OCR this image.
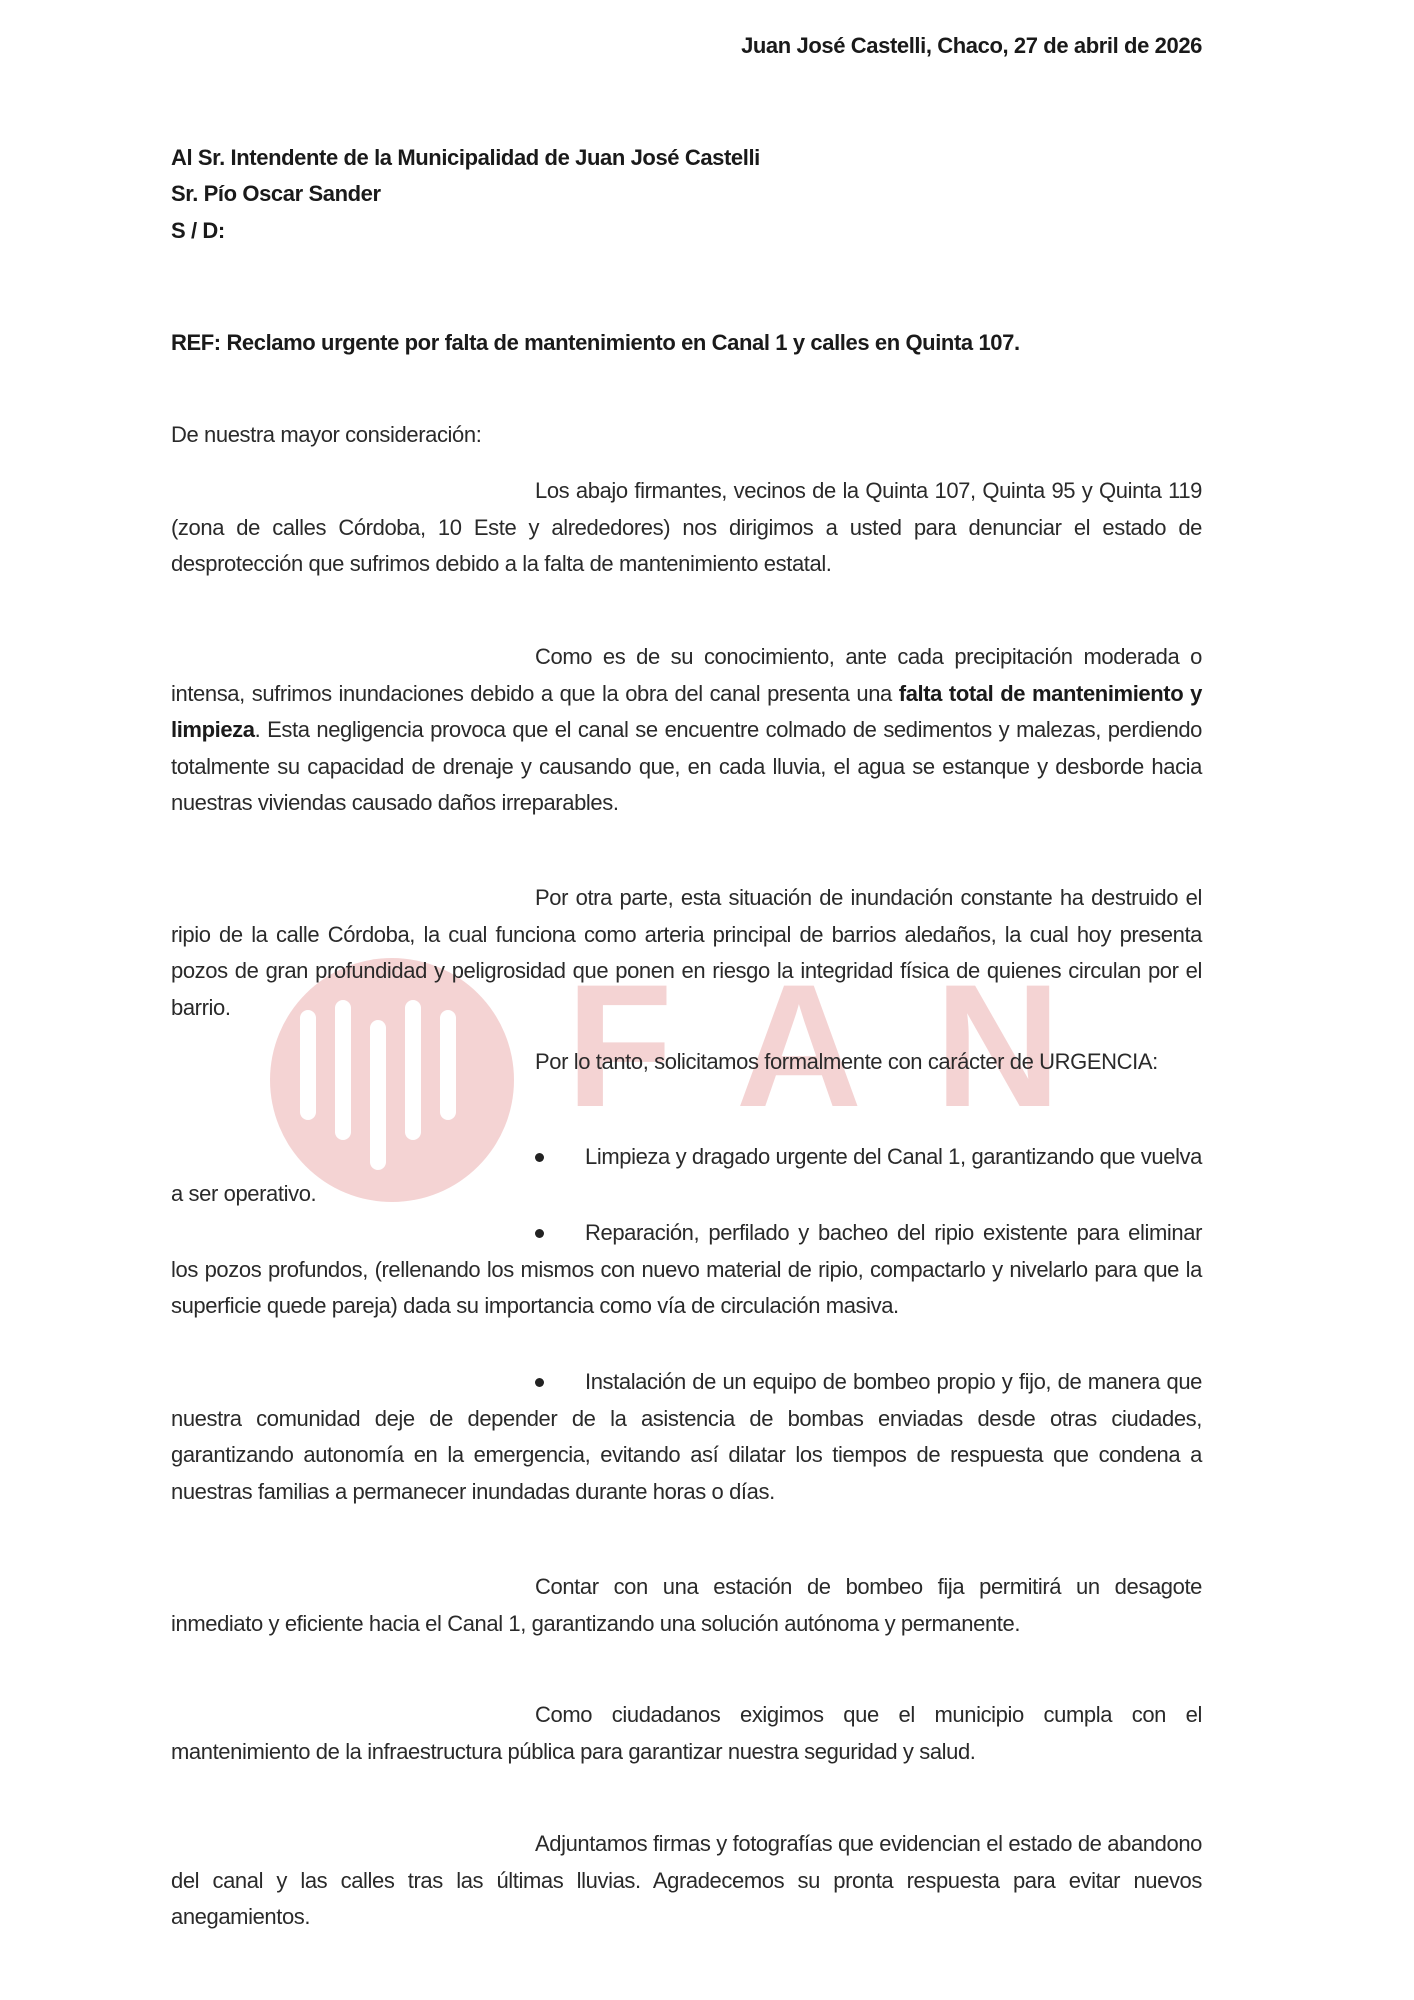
FAN
Juan José Castelli, Chaco, 27 de abril de 2026
Al Sr. Intendente de la Municipalidad de Juan José Castelli
Sr. Pío Oscar Sander
S / D:
REF: Reclamo urgente por falta de mantenimiento en Canal 1 y calles en Quinta 107.
De nuestra mayor consideración:
Los abajo firmantes, vecinos de la Quinta 107, Quinta 95 y Quinta 119 (zona de calles Córdoba, 10 Este y alrededores) nos dirigimos a usted para denunciar el estado de desprotección que sufrimos debido a la falta de mantenimiento estatal.
Como es de su conocimiento, ante cada precipitación moderada o intensa, sufrimos inundaciones debido a que la obra del canal presenta una falta total de mantenimiento y limpieza. Esta negligencia provoca que el canal se encuentre colmado de sedimentos y malezas, perdiendo totalmente su capacidad de drenaje y causando que, en cada lluvia, el agua se estanque y desborde hacia nuestras viviendas causado daños irreparables.
Por otra parte, esta situación de inundación constante ha destruido el ripio de la calle Córdoba, la cual funciona como arteria principal de barrios aledaños, la cual hoy presenta pozos de gran profundidad y peligrosidad que ponen en riesgo la integridad física de quienes circulan por el barrio.
Por lo tanto, solicitamos formalmente con carácter de URGENCIA:
Limpieza y dragado urgente del Canal 1, garantizando que vuelva a ser operativo.
Reparación, perfilado y bacheo del ripio existente para eliminar los pozos profundos, (rellenando los mismos con nuevo material de ripio, compactarlo y nivelarlo para que la superficie quede pareja) dada su importancia como vía de circulación masiva.
Instalación de un equipo de bombeo propio y fijo, de manera que nuestra comunidad deje de depender de la asistencia de bombas enviadas desde otras ciudades, garantizando autonomía en la emergencia, evitando así dilatar los tiempos de respuesta que condena a nuestras familias a permanecer inundadas durante horas o días.
Contar con una estación de bombeo fija permitirá un desagote inmediato y eficiente hacia el Canal 1, garantizando una solución autónoma y permanente.
Como ciudadanos exigimos que el municipio cumpla con el mantenimiento de la infraestructura pública para garantizar nuestra seguridad y salud.
Adjuntamos firmas y fotografías que evidencian el estado de abandono del canal y las calles tras las últimas lluvias. Agradecemos su pronta respuesta para evitar nuevos anegamientos.
